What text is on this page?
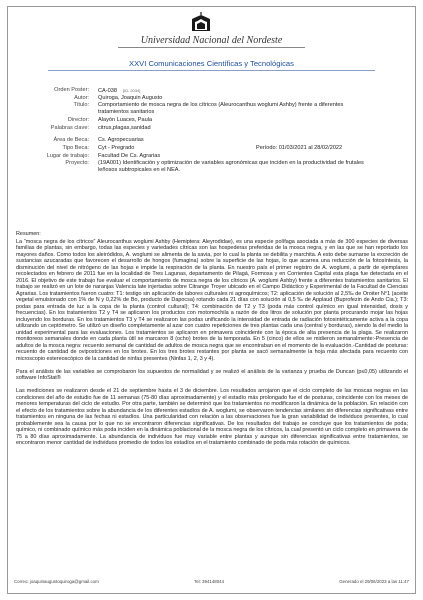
Universidad Nacional del Nordeste
XXVI Comunicaciones Científicas y Tecnológicas
Orden Poster: CA-038 [ID: 2034]
Autor: Quiroga, Joaquin Augusto
Título: Comportamiento de mosca negra de los cítricos (Aleurocanthus woglumi Ashby) frente a diferentes tratamientos sanitarios
Director: Alayón Luaces, Paula
Palabras clave: citrus,plagas,sanidad
Área de Beca: Cs. Agropecuarias
Tipo Beca: Cyt - Pregrado	Período: 01/03/2021 al 28/02/2022
Lugar de trabajo: Facultad De Cs. Agrarias
Proyecto: (19A001) Identificación y optimización de variables agronómicas que inciden en la productividad de frutales leñosos subtropicales en el NEA.

Resumen:

La “mosca negra de los cítricos” Aleurocanthus woglumi Ashby (Hemiptera: Aleyrodidae), es una especie polífaga asociada a más de 300 especies de diversas familias de plantas, sin embargo, todas las especies y variedades cítricas son las hospederas preferidas de la mosca negra, y en las que se han reportado los mayores daños. Como todos los aleiródidos, A. woglumi se alimenta de la savia, por lo cual la planta se debilita y marchita. A esto debe sumarse la excreción de sustancias azucaradas que favorecen el desarrollo de hongos (fumagina) sobre la superficie de las hojas, lo que acarrea una reducción de la fotosíntesis, la disminución del nivel de nitrógeno de las hojas e impide la respiración de la planta. En nuestro país el primer registro de A. woglumi, a partir de ejemplares recolectados en febrero de 2011 fue en la localidad de Tres Lagunas, departamento de Pilagá, Formosa y en Corrientes Capital esta plaga fue detectada en el 2016. El objetivo de este trabajo fue evaluar el comportamiento de mosca negra de los cítricos (A. woglumi Ashby) frente a diferentes tratamientos sanitarios. El trabajo se realizó en un lote de naranjas Valencia late injertadas sobre Citrange Troyer ubicado en el Campo Didáctico y Experimental de la Facultad de Ciencias Agrarias. Los tratamientos fueron cuatro: T1: testigo sin aplicación de labores culturales ni agroquímicos; T2: aplicación de solución al 2,5‰ de Oroiter N°1 (aceite vegetal emulsionado con 1% de N y 0,22% de Bo, producto de Dapocsa) rotando cada 21 días con solución al 0,5 ‰ de Applaud (Buprofezin de Ando Cia.); T3: podas para entrada de luz a la copa de la planta (control cultural); T4: combinación de T2 y T3 (poda más control químico en igual intensidad, dosis y frecuencias). En los tratamientos T2 y T4 se aplicaron los productos con motomochila a razón de dos litros de solución por planta procurando mojar las hojas incluyendo los borduras. En los tratamientos T3 y T4 se realizaron las podas unificando la intensidad de entrada de radiación fotosintéticamente activa a la copa utilizando un ceptómetro. Se utilizó un diseño completamente al azar con cuatro repeticiones de tres plantas cada una (central y borduras), siendo la del medio la unidad experimental para las evaluaciones. Los tratamientos se aplicaron en primavera coincidente con la época de alta presencia de la plaga. Se realizaron monitoreos semanales donde en cada planta útil se marcaron 8 (ocho) brotes de la temporada. En 5 (cinco) de ellos se midieron semanalmente:-Presencia de adultos de la mosca negra: recuento semanal de cantidad de adultos de mosca negra que se encontraban en el momento de la evaluación.-Cantidad de posturas: recuento de cantidad de ovipostciones en los brotes. En los tres brotes restantes por planta se sacó semanalmente la hoja más afectada para recuento con microscopio estereoscópico de la cantidad de ninfas presentes (Ninfas 1, 2, 3 y 4).

Para el análisis de las variables se comprobaron los supuestos de normalidad y se realizó el análisis de la varianza y prueba de Duncan (p≤0,05) utilizando el software InfoStat®

Las mediciones se realizaron desde el 21 de septiembre hasta el 3 de diciembre. Los resultados arrojaron que el ciclo completo de las moscas negras en las condiciones del año de estudio fue de 11 semanas (75-80 días aproximadamente) y el estadío más prolongado fue el de posturas, coincidente con los meses de menores temperaturas del ciclo de estudio. Por otra parte, también se determinó que los tratamientos no modificaron la dinámica de la población. En relación con el efecto de los tratamientos sobre la abundancia de los diferentes estadíos de A. woglumi, se observaron tendencias similares sin diferencias significativas entre tratamientos en ninguna de las fechas ni estadíos. Una particularidad con relación a las observaciones fue la gran variabilidad de individuos presentes, lo cual probablemente sea la causa por lo que no se encontraron diferencias significativas. De los resultados del trabajo se concluye que los tratamientos de poda; químico, ni combinado químico más poda inciden en la dinámica poblacional de la mosca negra de los cítricos, la cual presentó un ciclo completo en primavera de 75 a 80 días aproximadamente. La abundancia de individuos fue muy variable entre plantas y aunque sin diferencias significativas entre tratamientos, se encontraron menor cantidad de individuos promedio de todos los estadíos en el tratamiento combinado de poda más rotación de químicos.

Correo: joaquinaugustoquiroga@gmail.com	Tel: 394148044	Generado el 29/06/2023 a las 11:47
